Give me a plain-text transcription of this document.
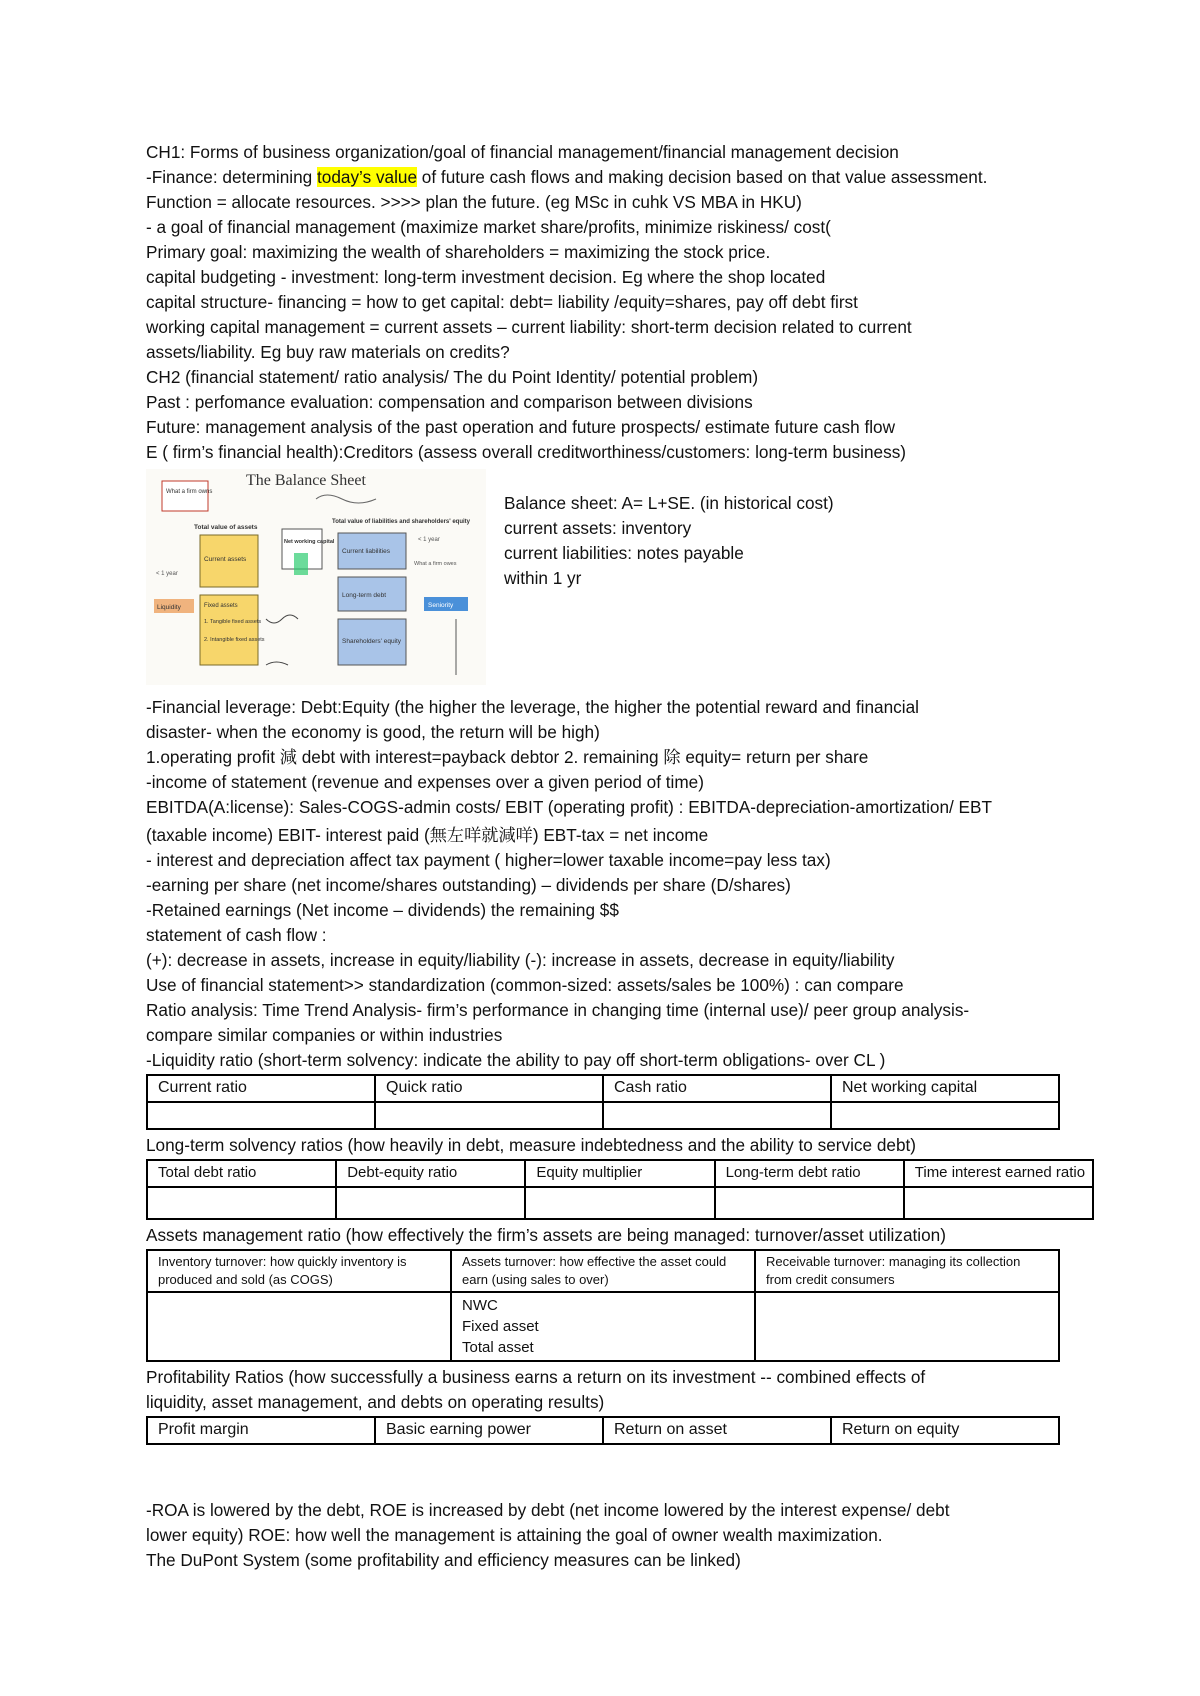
CH1: Forms of business organization/goal of financial management/financial management decision
-Finance: determining today’s value of future cash flows and making decision based on that value assessment.
Function = allocate resources. >>>> plan the future. (eg MSc in cuhk VS MBA in HKU)
- a goal of financial management (maximize market share/profits, minimize riskiness/ cost(
Primary goal: maximizing the wealth of shareholders = maximizing the stock price.
capital budgeting - investment: long-term investment decision. Eg where the shop located
capital structure- financing = how to get capital: debt= liability /equity=shares, pay off debt first
working capital management = current assets – current liability: short-term decision related to current
assets/liability. Eg buy raw materials on credits?
CH2 (financial statement/ ratio analysis/ The du Point Identity/ potential problem)
Past : perfomance evaluation: compensation and comparison between divisions
Future: management analysis of the past operation and future prospects/ estimate future cash flow
E ( firm’s financial health):Creditors (assess overall creditworthiness/customers: long-term business)
The Balance Sheet
What a firm owns
Total value of assets
Total value of liabilities and shareholders' equity
Current assets
Net working capital
Current liabilities
Long-term debt
Shareholders' equity
Fixed assets
1. Tangible fixed assets
2. Intangible fixed assets
< 1 year
< 1 year
What a firm owes
Liquidity	Seniority
Balance sheet: A= L+SE. (in historical cost)
current assets: inventory
current liabilities: notes payable
within 1 yr
-Financial leverage: Debt:Equity (the higher the leverage, the higher the potential reward and financial
disaster- when the economy is good, the return will be high)
1.operating profit 減 debt with interest=payback debtor 2. remaining 除 equity= return per share
-income of statement (revenue and expenses over a given period of time)
EBITDA(A:license): Sales-COGS-admin costs/ EBIT (operating profit) : EBITDA-depreciation-amortization/ EBT
(taxable income) EBIT- interest paid (無左咩就減咩) EBT-tax = net income
- interest and depreciation affect tax payment ( higher=lower taxable income=pay less tax)
-earning per share (net income/shares outstanding) – dividends per share (D/shares)
-Retained earnings (Net income – dividends) the remaining $$
statement of cash flow :
(+): decrease in assets, increase in equity/liability (-): increase in assets, decrease in equity/liability
Use of financial statement>> standardization (common-sized: assets/sales be 100%) : can compare
Ratio analysis: Time Trend Analysis- firm’s performance in changing time (internal use)/ peer group analysis-
compare similar companies or within industries
-Liquidity ratio (short-term solvency: indicate the ability to pay off short-term obligations- over CL )
Current ratio	Quick ratio	Cash ratio	Net working capital

Long-term solvency ratios (how heavily in debt, measure indebtedness and the ability to service debt)
Total debt ratio	Debt-equity ratio	Equity multiplier	Long-term debt ratio	Time interest earned ratio

Assets management ratio (how effectively the firm’s assets are being managed: turnover/asset utilization)
Inventory turnover: how quickly inventory is produced and sold (as COGS)	Assets turnover: how effective the asset could earn (using sales to over)	Receivable turnover: managing its collection from credit consumers

	NWC
Fixed asset
Total asset	

Profitability Ratios (how successfully a business earns a return on its investment -- combined effects of
liquidity, asset management, and debts on operating results)
Profit margin	Basic earning power	Return on asset	Return on equity
-ROA is lowered by the debt, ROE is increased by debt (net income lowered by the interest expense/ debt
lower equity) ROE: how well the management is attaining the goal of owner wealth maximization.
The DuPont System (some profitability and efficiency measures can be linked)
